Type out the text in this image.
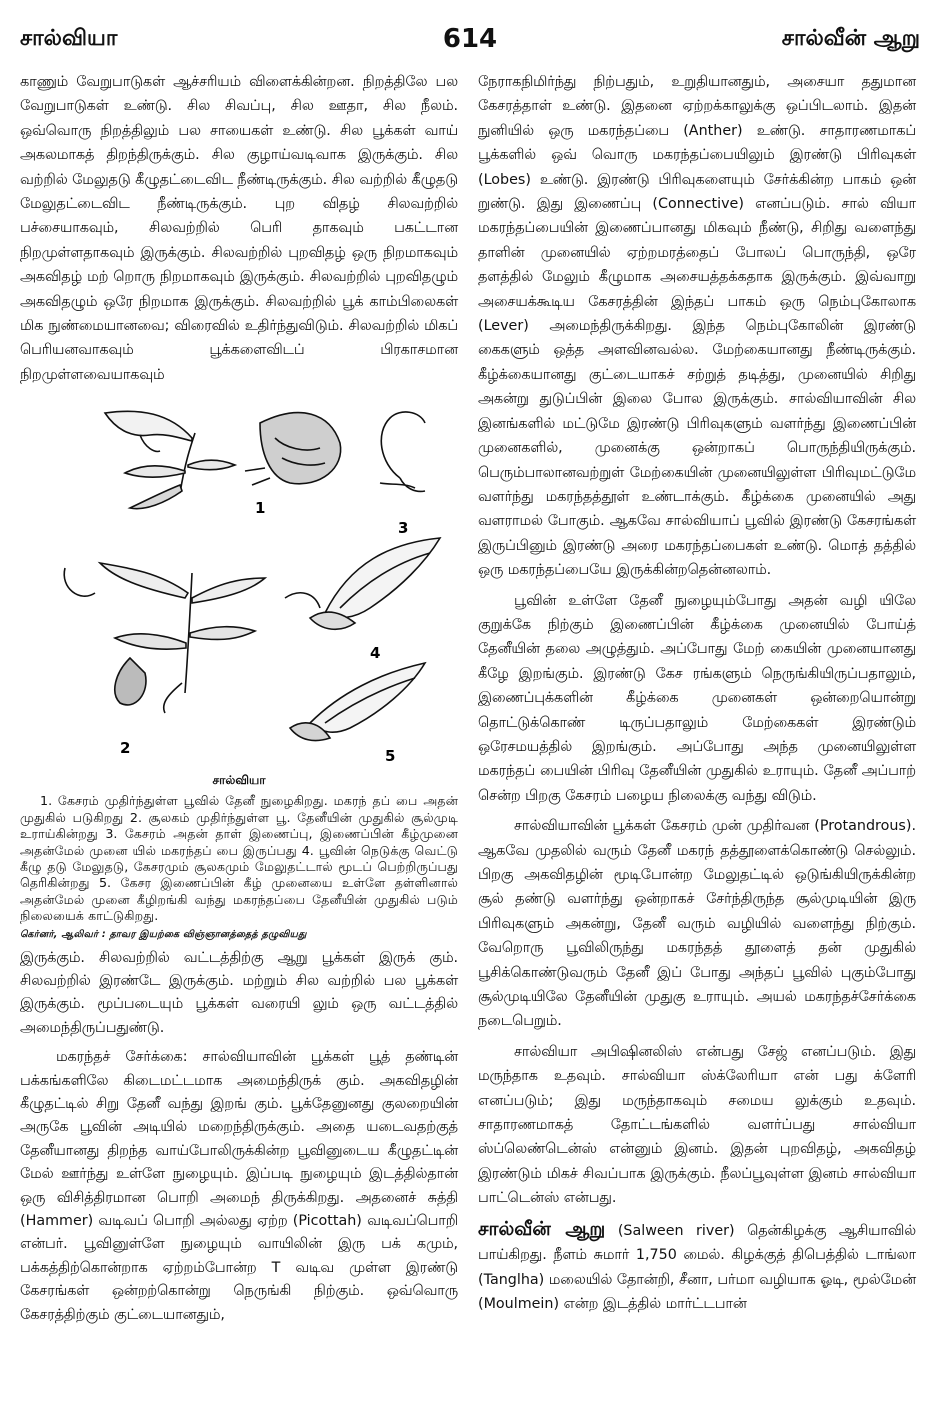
சால்வியா	614	சால்வீன் ஆறு

காணும் வேறுபாடுகள் ஆச்சரியம் விளைக்கின்றன. நிறத்திலே பல வேறுபாடுகள் உண்டு. சில சிவப்பு, சில ஊதா, சில நீலம். ஒவ்வொரு நிறத்திலும் பல சாயைகள் உண்டு. சில பூக்கள் வாய் அகலமாகத் திறந்திருக்கும். சில குழாய்வடிவாக இருக்கும். சில வற்றில் மேலுதடு கீழுதட்டைவிட நீண்டிருக்கும். சில வற்றில் கீழுதடு மேலுதட்டைவிட நீண்டிருக்கும். புற விதழ் சிலவற்றில் பச்சையாகவும், சிலவற்றில் பெரி தாகவும் பகட்டான நிறமுள்ளதாகவும் இருக்கும். சிலவற்றில் புறவிதழ் ஒரு நிறமாகவும் அகவிதழ் மற் றொரு நிறமாகவும் இருக்கும். சிலவற்றில் புறவிதழும் அகவிதழும் ஒரே நிறமாக இருக்கும். சிலவற்றில் பூக் காம்பிலைகள் மிக நுண்மையானவை; விரைவில் உதிர்ந்துவிடும். சிலவற்றில் மிகப் பெரியனவாகவும் பூக்களைவிடப் பிரகாசமான நிறமுள்ளவையாகவும்

1
3
4
2	5

சால்வியா

1. கேசரம் முதிர்ந்துள்ள பூவில் தேனீ நுழைகிறது. மகரந் தப் பை அதன் முதுகில் படுகிறது 2. சூலகம் முதிர்ந்துள்ள பூ. தேனீயின் முதுகில் சூல்முடி உராய்கின்றது 3. கேசரம் அதன் தாள் இணைப்பு, இணைப்பின் கீழ்முனை அதன்மேல் முனை யில் மகரந்தப் பை இருப்பது 4. பூவின் நெடுக்கு வெட்டு கீழு தடு மேலுதடு, கேசரமும் சூலகமும் மேலுதட்டால் மூடப் பெற்றிருப்பது தெரிகின்றது 5. கேசர இணைப்பின் கீழ் முனையை உள்ளே தள்ளினால் அதன்மேல் முனை கீழிறங்கி வந்து மகரந்தப்பை தேனீயின் முதுகில் படும் நிலையைக் காட்டுகிறது.

கெர்னர், ஆலிவர் : தாவர இயற்கை விஞ்ஞானத்தைத் தழுவியது

இருக்கும். சிலவற்றில் வட்டத்திற்கு ஆறு பூக்கள் இருக் கும். சிலவற்றில் இரண்டே இருக்கும். மற்றும் சில வற்றில் பல பூக்கள் இருக்கும். மூப்படையும் பூக்கள் வரையி லும் ஒரு வட்டத்தில் அமைந்திருப்பதுண்டு.

மகரந்தச் சேர்க்கை: சால்வியாவின் பூக்கள் பூத் தண்டின் பக்கங்களிலே கிடைமட்டமாக அமைந்திருக் கும். அகவிதழின் கீழுதட்டில் சிறு தேனீ வந்து இறங் கும். பூக்தேனுனது குலறையின் அருகே பூவின் அடியில் மறைந்திருக்கும். அதை யடைவதற்குத் தேனீயானது திறந்த வாய்போலிருக்கின்ற பூவினுடைய கீழுதட்டின் மேல் ஊர்ந்து உள்ளே நுழையும். இப்படி நுழையும் இடத்தில்தான் ஒரு விசித்திரமான பொறி அமைந் திருக்கிறது. அதனைச் சுத்தி (Hammer) வடிவப் பொறி அல்லது ஏற்ற (Picottah) வடிவப்பொறி என்பர். பூவினுள்ளே நுழையும் வாயிலின் இரு பக் கமும், பக்கத்திற்கொன்றாக ஏற்றம்போன்ற T வடிவ முள்ள இரண்டு கேசரங்கள் ஒன்றற்கொன்று நெருங்கி நிற்கும். ஒவ்வொரு கேசரத்திற்கும் குட்டையானதும்,

நேராகநிமிர்ந்து நிற்பதும், உறுதியானதும், அசையா ததுமான கேசரத்தாள் உண்டு. இதனை ஏற்றக்காலுக்கு ஒப்பிடலாம். இதன் நுனியில் ஒரு மகரந்தப்பை (Anther) உண்டு. சாதாரணமாகப் பூக்களில் ஒவ் வொரு மகரந்தப்பையிலும் இரண்டு பிரிவுகள் (Lobes) உண்டு. இரண்டு பிரிவுகளையும் சேர்க்கின்ற பாகம் ஒன் றுண்டு. இது இணைப்பு (Connective) எனப்படும். சால் வியா மகரந்தப்பையின் இணைப்பானது மிகவும் நீண்டு, சிறிது வளைந்து தாளின் முனையில் ஏற்றமரத்தைப் போலப் பொருந்தி, ஒரே தளத்தில் மேலும் கீழுமாக அசையத்தக்கதாக இருக்கும். இவ்வாறு அசையக்கூடிய கேசரத்தின் இந்தப் பாகம் ஒரு நெம்புகோலாக (Lever) அமைந்திருக்கிறது. இந்த நெம்புகோலின் இரண்டு கைகளும் ஒத்த அளவினவல்ல. மேற்கையானது நீண்டிருக்கும். கீழ்க்கையானது குட்டையாகச் சற்றுத் தடித்து, முனையில் சிறிது அகன்று துடுப்பின் இலை போல இருக்கும். சால்வியாவின் சில இனங்களில் மட்டுமே இரண்டு பிரிவுகளும் வளர்ந்து இணைப்பின் முனைகளில், முனைக்கு ஒன்றாகப் பொருந்தியிருக்கும். பெரும்பாலானவற்றுள் மேற்கையின் முனையிலுள்ள பிரிவுமட்டுமே வளர்ந்து மகரந்தத்தூள் உண்டாக்கும். கீழ்க்கை முனையில் அது வளராமல் போகும். ஆகவே சால்வியாப் பூவில் இரண்டு கேசரங்கள் இருப்பினும் இரண்டு அரை மகரந்தப்பைகள் உண்டு. மொத் தத்தில் ஒரு மகரந்தப்பையே இருக்கின்றதென்னலாம்.

பூவின் உள்ளே தேனீ நுழையும்போது அதன் வழி யிலே குறுக்கே நிற்கும் இணைப்பின் கீழ்க்கை முனையில் போய்த் தேனீயின் தலை அழுத்தும். அப்போது மேற் கையின் முனையானது கீழே இறங்கும். இரண்டு கேச ரங்களும் நெருங்கியிருப்பதாலும், இணைப்புக்களின் கீழ்க்கை முனைகள் ஒன்றையொன்று தொட்டுக்கொண் டிருப்பதாலும் மேற்கைகள் இரண்டும் ஒரேசமயத்தில் இறங்கும். அப்போது அந்த முனையிலுள்ள மகரந்தப் பையின் பிரிவு தேனீயின் முதுகில் உராயும். தேனீ அப்பாற் சென்ற பிறகு கேசரம் பழைய நிலைக்கு வந்து விடும்.

சால்வியாவின் பூக்கள் கேசரம் முன் முதிர்வன (Protandrous). ஆகவே முதலில் வரும் தேனீ மகரந் தத்தூளைக்கொண்டு செல்லும். பிறகு அகவிதழின் மூடிபோன்ற மேலுதட்டில் ஒடுங்கியிருக்கின்ற சூல் தண்டு வளர்ந்து ஒன்றாகச் சேர்ந்திருந்த சூல்முடியின் இரு பிரிவுகளும் அகன்று, தேனீ வரும் வழியில் வளைந்து நிற்கும். வேறொரு பூவிலிருந்து மகரந்தத் தூளைத் தன் முதுகில் பூசிக்கொண்டுவரும் தேனீ இப் போது அந்தப் பூவில் புகும்போது சூல்முடியிலே தேனீயின் முதுகு உராயும். அயல் மகரந்தச்சேர்க்கை நடைபெறும்.

சால்வியா அபிஷினலிஸ் என்பது சேஜ் எனப்படும். இது மருந்தாக உதவும். சால்வியா ஸ்க்லேரியா என் பது க்ளேரி எனப்படும்; இது மருந்தாகவும் சமைய லுக்கும் உதவும். சாதாரணமாகத் தோட்டங்களில் வளர்ப்பது சால்வியா ஸ்ப்லெண்டென்ஸ் என்னும் இனம். இதன் புறவிதழ், அகவிதழ் இரண்டும் மிகச் சிவப்பாக இருக்கும். நீலப்பூவுள்ள இனம் சால்வியா பாட்டென்ஸ் என்பது.

சால்வீன் ஆறு (Salween river) தென்கிழக்கு ஆசியாவில் பாய்கிறது. நீளம் சுமார் 1,750 மைல். கிழக்குத் திபெத்தில் டாங்லா (Tanglha) மலையில் தோன்றி, சீனா, பர்மா வழியாக ஓடி, மூல்மேன் (Moulmein) என்ற இடத்தில் மார்ட்டபான்
